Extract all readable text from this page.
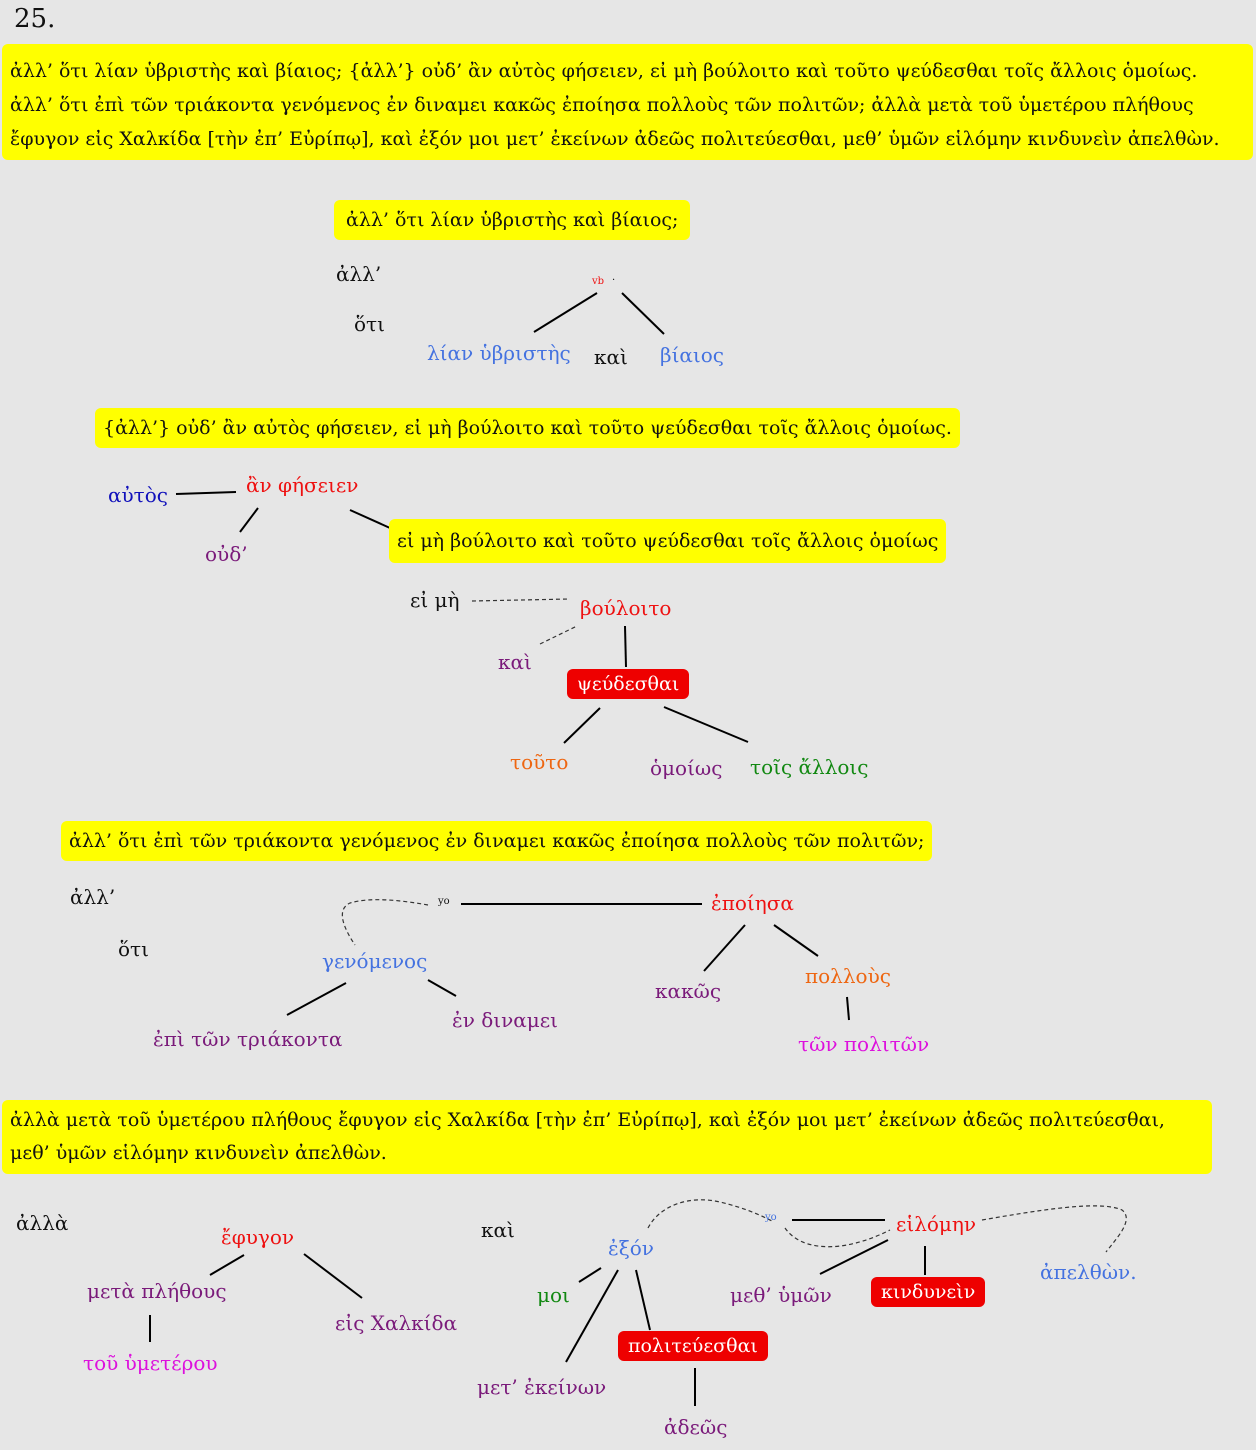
25.
ἀλλ’ ὅτι λίαν ὑβριστὴς καὶ βίαιος; {ἀλλ’} οὐδ’ ἂν αὐτὸς φήσειεν, εἰ μὴ βούλοιτο καὶ τοῦτο ψεύδεσθαι τοῖς ἄλλοις ὁμοίως.
ἀλλ’ ὅτι ἐπὶ τῶν τριάκοντα γενόμενος ἐν διναμει κακῶς ἐποίησα πολλοὺς τῶν πολιτῶν; ἀλλὰ μετὰ τοῦ ὑμετέρου πλήθους
ἔφυγον εἰς Χαλκίδα [τὴν ἐπ’ Εὐρίπῳ], καὶ ἐξόν μοι μετ’ ἐκείνων ἀδεῶς πολιτεύεσθαι, μεθ’ ὑμῶν εἱλόμην κινδυνεὶν ἀπελθὼν.
ἀλλ’ ὅτι λίαν ὑβριστὴς καὶ βίαιος;
ἀλλ’
ὅτι
vb ·
λίαν ὑβριστὴς καὶ βίαιος
{ἀλλ’} οὐδ’ ἂν αὐτὸς φήσειεν, εἰ μὴ βούλοιτο καὶ τοῦτο ψεύδεσθαι τοῖς ἄλλοις ὁμοίως.
αὐτὸς	ἂν φήσειεν
οὐδ’
εἰ μὴ βούλοιτο καὶ τοῦτο ψεύδεσθαι τοῖς ἄλλοις ὁμοίως
εἰ μὴ	βούλοιτο
καὶ
ψεύδεσθαι
τοῦτο	ὁμοίως τοῖς ἄλλοις
ἀλλ’ ὅτι ἐπὶ τῶν τριάκοντα γενόμενος ἐν διναμει κακῶς ἐποίησα πολλοὺς τῶν πολιτῶν;
ἀλλ’
ὅτι
yo	ἐποίησα
γενόμενος
κακῶς
πολλοὺς
ἐπὶ τῶν τριάκοντα
ἐν διναμει
τῶν πολιτῶν
ἀλλὰ μετὰ τοῦ ὑμετέρου πλήθους ἔφυγον εἰς Χαλκίδα [τὴν ἐπ’ Εὐρίπῳ], καὶ ἐξόν μοι μετ’ ἐκείνων ἀδεῶς πολιτεύεσθαι,
μεθ’ ὑμῶν εἱλόμην κινδυνεὶν ἀπελθὼν.
ἀλλὰ
ἔφυγον
μετὰ πλήθους
εἰς Χαλκίδα
τοῦ ὑμετέρου
καὶ
ἐξόν
yo	εἱλόμην
ἀπελθὼν.
μοι	μεθ’ ὑμῶν	κινδυνεὶν
πολιτεύεσθαι
μετ’ ἐκείνων
ἀδεῶς
